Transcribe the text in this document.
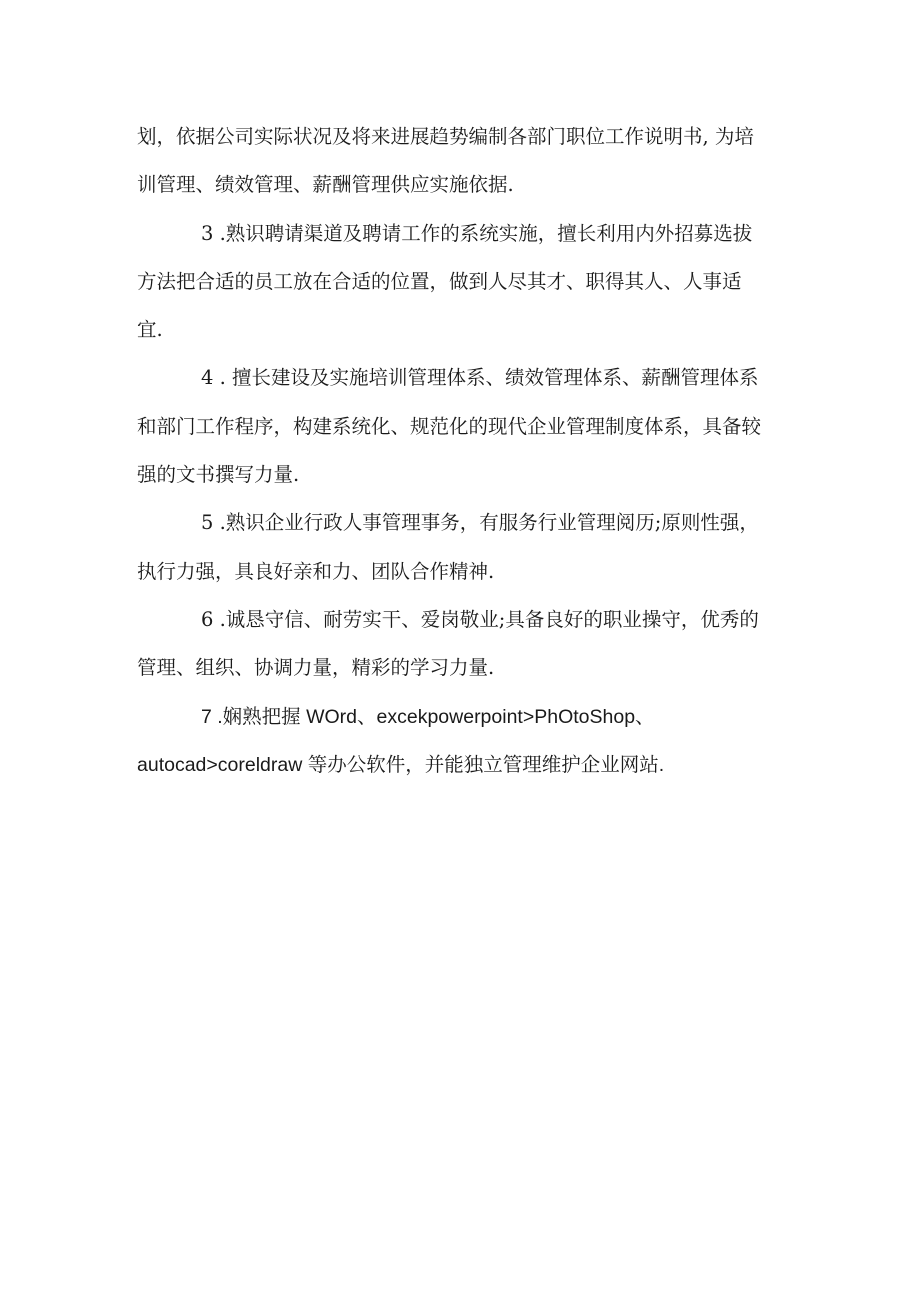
划，依据公司实际状况及将来进展趋势编制各部门职位工作说明书, 为培
训管理、绩效管理、薪酬管理供应实施依据.

3 .熟识聘请渠道及聘请工作的系统实施，擅长利用内外招募选拔
方法把合适的员工放在合适的位置，做到人尽其才、职得其人、人事适
宜.

4 . 擅长建设及实施培训管理体系、绩效管理体系、薪酬管理体系
和部门工作程序，构建系统化、规范化的现代企业管理制度体系，具备较
强的文书撰写力量.

5 .熟识企业行政人事管理事务，有服务行业管理阅历;原则性强，
执行力强，具良好亲和力、团队合作精神.

6 .诚恳守信、耐劳实干、爱岗敬业;具备良好的职业操守，优秀的
管理、组织、协调力量，精彩的学习力量.

7 .娴熟把握 WOrd、excekpowerpoint>PhOtoShop、
autocad>coreldraw 等办公软件，并能独立管理维护企业网站.
